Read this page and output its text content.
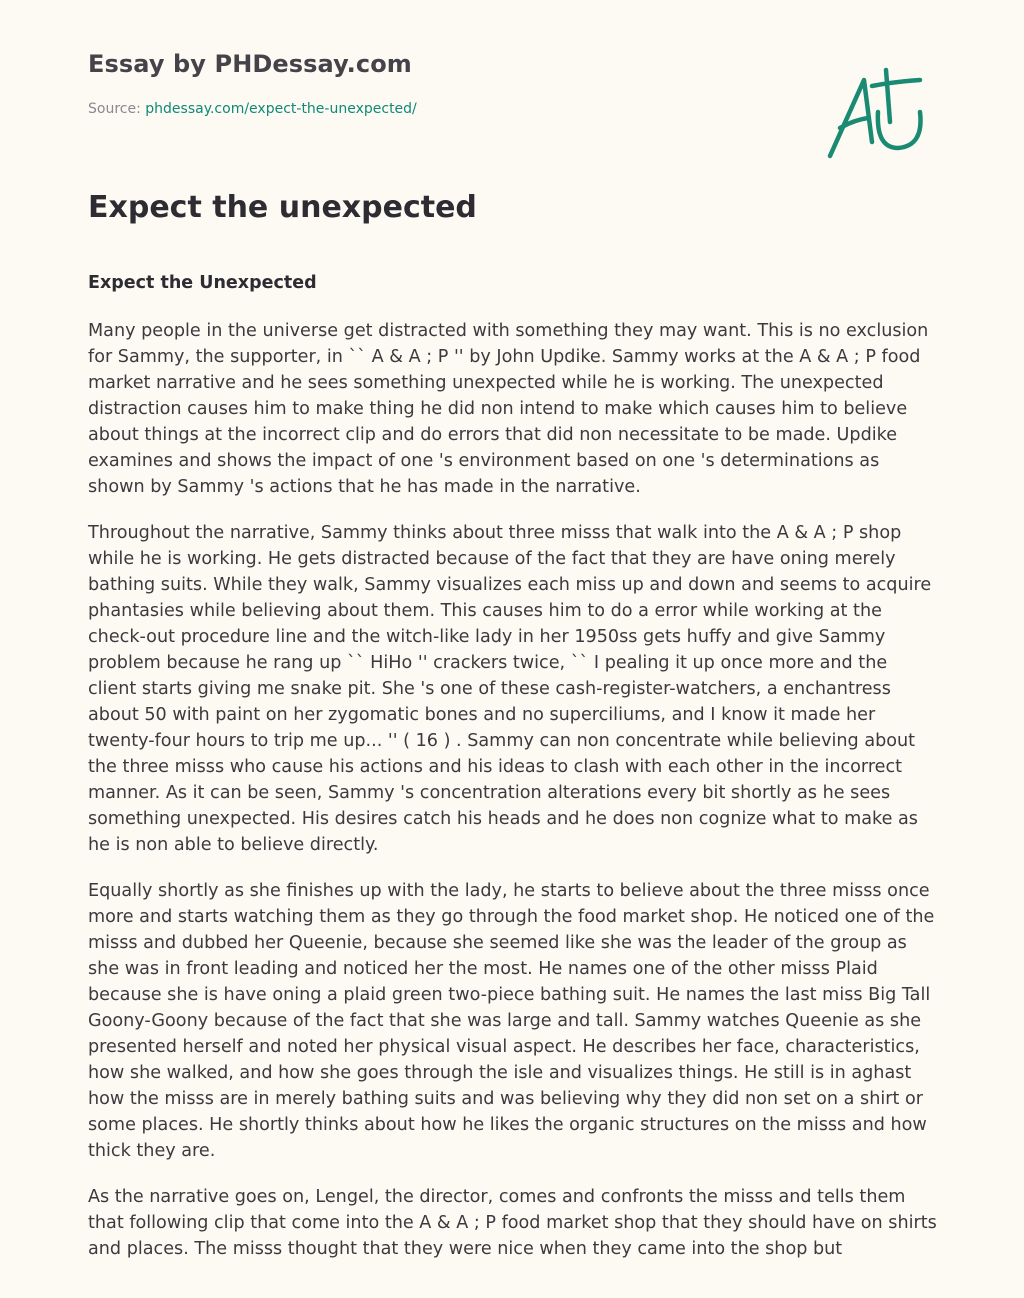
Essay by PHDessay.com
Source: phdessay.com/expect-the-unexpected/
Expect the unexpected
Expect the Unexpected

Many people in the universe get distracted with something they may want. This is no exclusion for Sammy, the supporter, in `` A & A ; P '' by John Updike. Sammy works at the A & A ; P food market narrative and he sees something unexpected while he is working. The unexpected distraction causes him to make thing he did non intend to make which causes him to believe about things at the incorrect clip and do errors that did non necessitate to be made. Updike examines and shows the impact of one 's environment based on one 's determinations as shown by Sammy 's actions that he has made in the narrative.

Throughout the narrative, Sammy thinks about three misss that walk into the A & A ; P shop while he is working. He gets distracted because of the fact that they are have oning merely bathing suits. While they walk, Sammy visualizes each miss up and down and seems to acquire phantasies while believing about them. This causes him to do a error while working at the check-out procedure line and the witch-like lady in her 1950ss gets huffy and give Sammy problem because he rang up `` HiHo '' crackers twice, `` I pealing it up once more and the client starts giving me snake pit. She 's one of these cash-register-watchers, a enchantress about 50 with paint on her zygomatic bones and no superciliums, and I know it made her twenty-four hours to trip me up... '' ( 16 ) . Sammy can non concentrate while believing about the three misss who cause his actions and his ideas to clash with each other in the incorrect manner. As it can be seen, Sammy 's concentration alterations every bit shortly as he sees something unexpected. His desires catch his heads and he does non cognize what to make as he is non able to believe directly.

Equally shortly as she finishes up with the lady, he starts to believe about the three misss once more and starts watching them as they go through the food market shop. He noticed one of the misss and dubbed her Queenie, because she seemed like she was the leader of the group as she was in front leading and noticed her the most. He names one of the other misss Plaid because she is have oning a plaid green two-piece bathing suit. He names the last miss Big Tall Goony-Goony because of the fact that she was large and tall. Sammy watches Queenie as she presented herself and noted her physical visual aspect. He describes her face, characteristics, how she walked, and how she goes through the isle and visualizes things. He still is in aghast how the misss are in merely bathing suits and was believing why they did non set on a shirt or some places. He shortly thinks about how he likes the organic structures on the misss and how thick they are.

As the narrative goes on, Lengel, the director, comes and confronts the misss and tells them that following clip that come into the A & A ; P food market shop that they should have on shirts and places. The misss thought that they were nice when they came into the shop but
